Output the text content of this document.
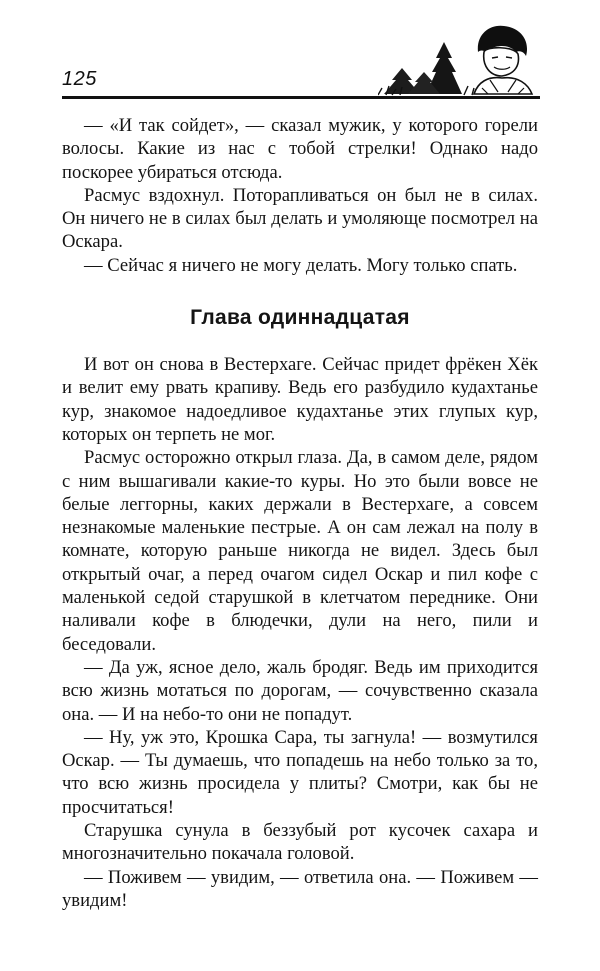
125

— «И так сойдет», — сказал мужик, у которого горели волосы. Какие из нас с тобой стрелки! Однако надо поскорее убираться отсюда.

Расмус вздохнул. Поторапливаться он был не в силах. Он ничего не в силах был делать и умоляюще посмотрел на Оскара.

— Сейчас я ничего не могу делать. Могу только спать.

Глава одиннадцатая

И вот он снова в Вестерхаге. Сейчас придет фрёкен Хёк и велит ему рвать крапиву. Ведь его разбудило кудахтанье кур, знакомое надоедливое кудахтанье этих глупых кур, которых он терпеть не мог.

Расмус осторожно открыл глаза. Да, в самом деле, рядом с ним вышагивали какие-то куры. Но это были вовсе не белые леггорны, каких держали в Вестерхаге, а совсем незнакомые маленькие пестрые. А он сам лежал на полу в комнате, которую раньше никогда не видел. Здесь был открытый очаг, а перед очагом сидел Оскар и пил кофе с маленькой седой старушкой в клетчатом переднике. Они наливали кофе в блюдечки, дули на него, пили и беседовали.

— Да уж, ясное дело, жаль бродяг. Ведь им приходится всю жизнь мотаться по дорогам, — сочувственно сказала она. — И на небо-то они не попадут.

— Ну, уж это, Крошка Сара, ты загнула! — возмутился Оскар. — Ты думаешь, что попадешь на небо только за то, что всю жизнь просидела у плиты? Смотри, как бы не просчитаться!

Старушка сунула в беззубый рот кусочек сахара и многозначительно покачала головой.

— Поживем — увидим, — ответила она. — Поживем — увидим!
